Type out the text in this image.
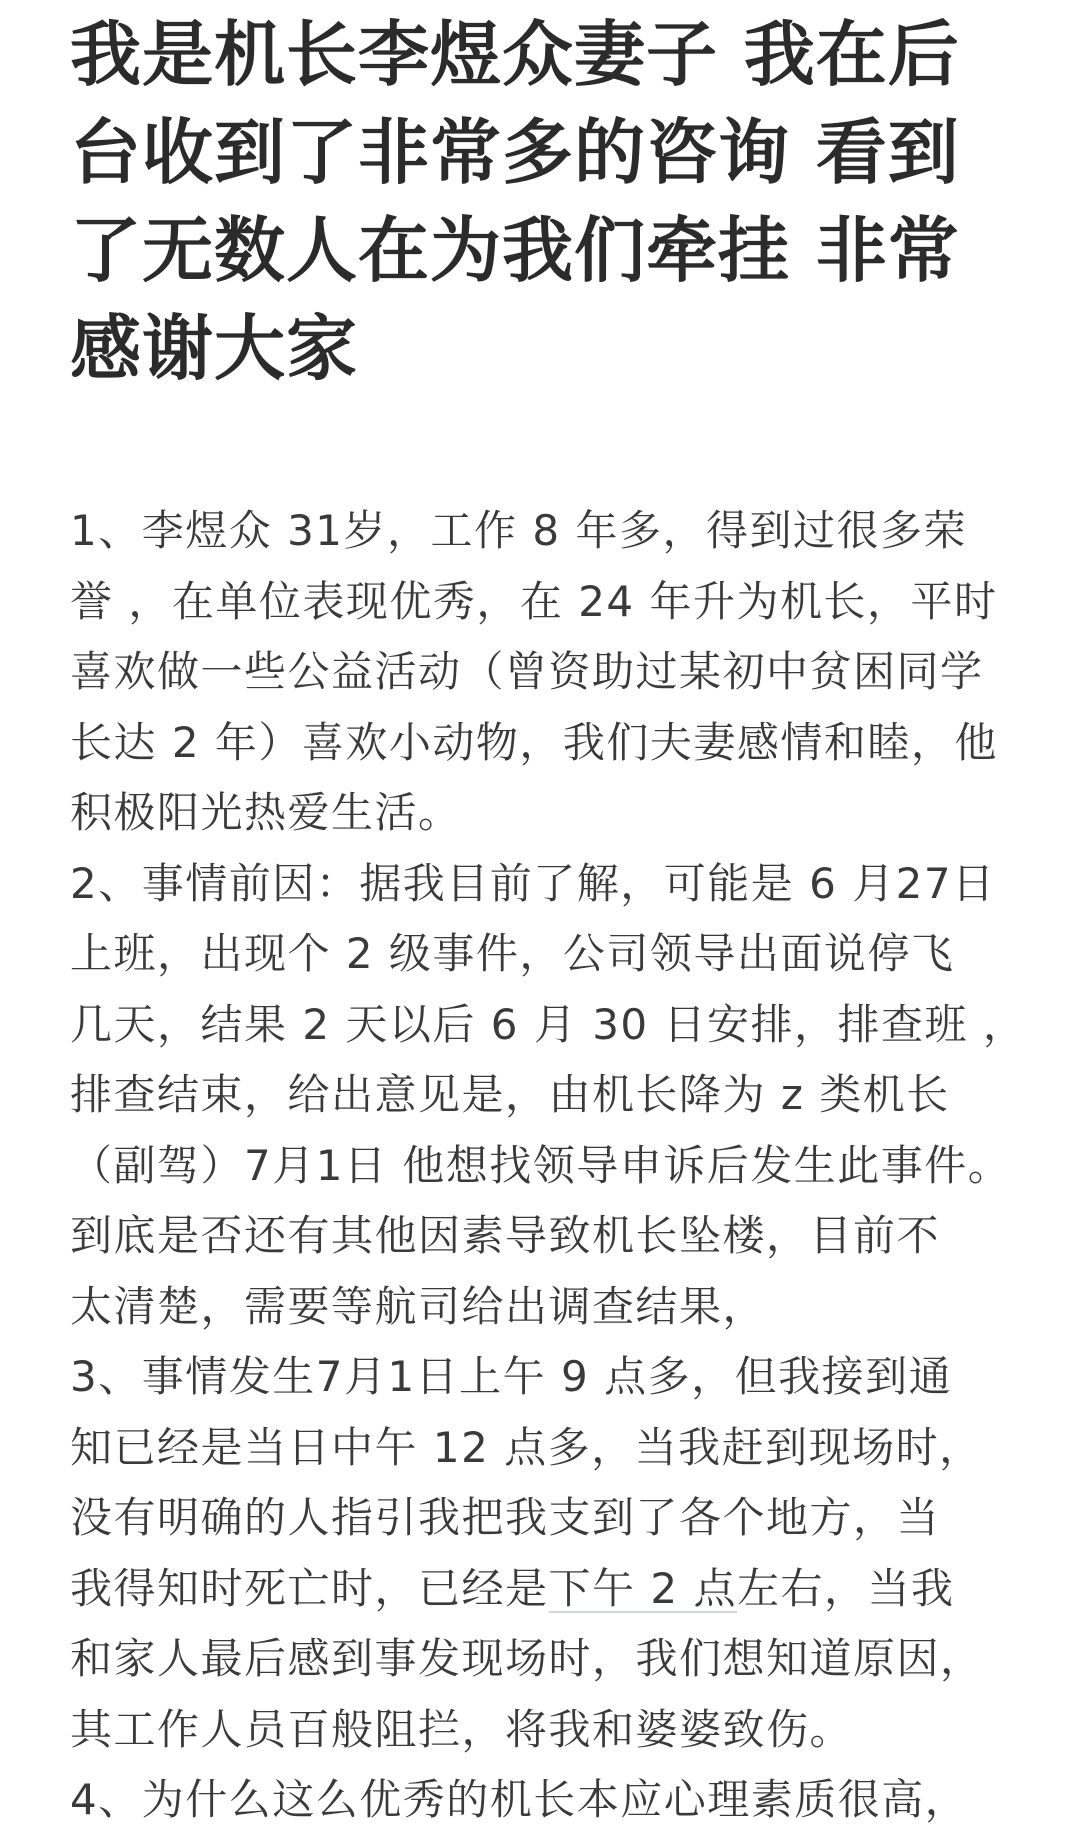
我是机长李煜众妻子 我在后
台收到了非常多的咨询 看到
了无数人在为我们牵挂 非常
感谢大家
1、李煜众 31岁，工作 8 年多，得到过很多荣
誉 ，在单位表现优秀，在 24 年升为机长，平时
喜欢做一些公益活动（曾资助过某初中贫困同学
长达 2 年）喜欢小动物，我们夫妻感情和睦，他
积极阳光热爱生活。
2、事情前因：据我目前了解，可能是 6 月27日
上班，出现个 2 级事件，公司领导出面说停飞
几天，结果 2 天以后 6 月 30 日安排，排查班 ，
排查结束，给出意见是，由机长降为 z 类机长
（副驾）7月1日 他想找领导申诉后发生此事件。
到底是否还有其他因素导致机长坠楼，目前不
太清楚，需要等航司给出调查结果，
3、事情发生7月1日上午 9 点多，但我接到通
知已经是当日中午 12 点多，当我赶到现场时，
没有明确的人指引我把我支到了各个地方，当
我得知时死亡时，已经是下午 2 点左右，当我
和家人最后感到事发现场时，我们想知道原因，
其工作人员百般阻拦，将我和婆婆致伤。
4、为什么这么优秀的机长本应心理素质很高，
